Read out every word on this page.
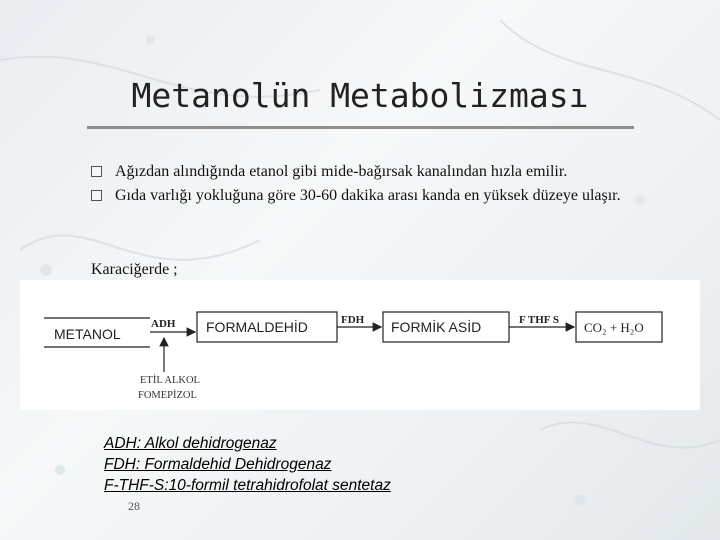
Metanolün Metabolizması
Ağızdan alındığında etanol gibi mide-bağırsak kanalından hızla emilir.
Gıda varlığı yokluğuna göre 30-60 dakika arası kanda en yüksek düzeye ulaşır.
Karaciğerde ;
METANOL
ADH
ETİL ALKOL
FOMEPİZOL
FORMALDEHİD	FDH FORMİK ASİD	F THF S CO₂ + H₂O
ADH: Alkol dehidrogenaz
FDH: Formaldehid Dehidrogenaz
F-THF-S:10-formil tetrahidrofolat sentetaz
28
